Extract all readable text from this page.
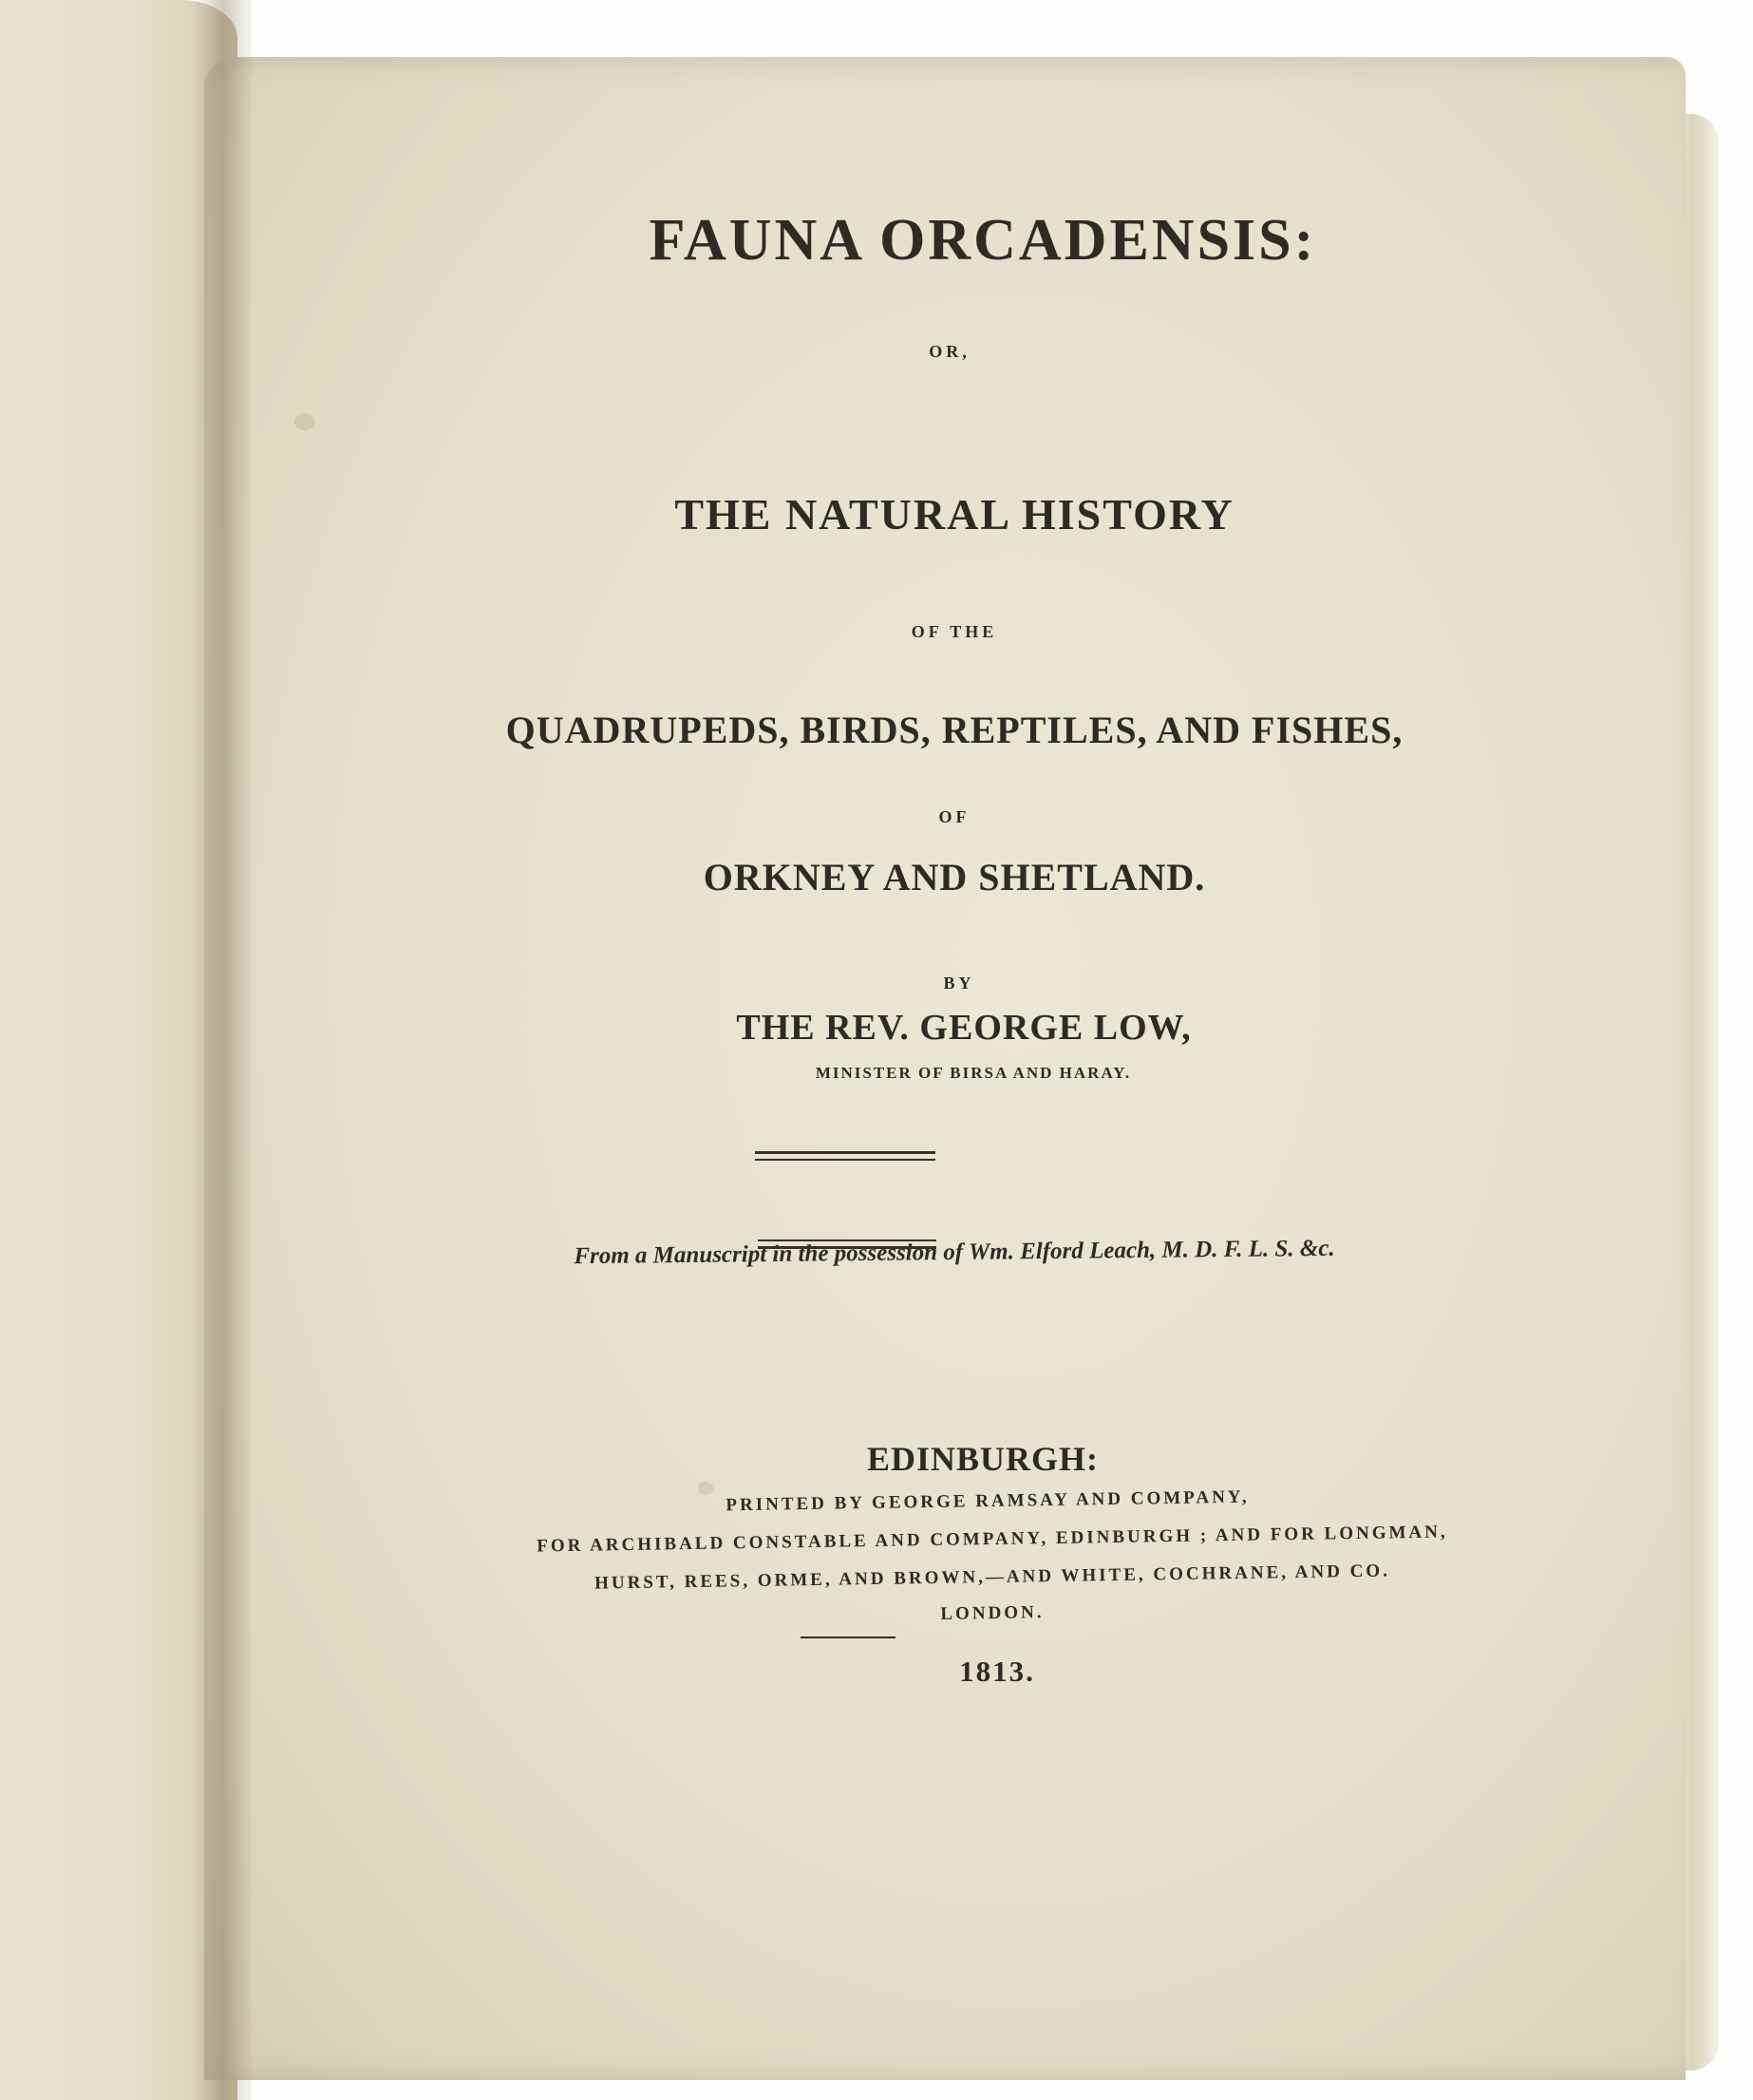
FAUNA ORCADENSIS:

OR,

THE NATURAL HISTORY

OF THE

QUADRUPEDS, BIRDS, REPTILES, AND FISHES,

OF

ORKNEY AND SHETLAND.

BY

THE REV. GEORGE LOW,

MINISTER OF BIRSA AND HARAY.

From a Manuscript in the possession of Wm. Elford Leach, M. D. F. L. S. &c.

EDINBURGH:

PRINTED BY GEORGE RAMSAY AND COMPANY,

FOR ARCHIBALD CONSTABLE AND COMPANY, EDINBURGH ; AND FOR LONGMAN,

HURST, REES, ORME, AND BROWN,—AND WHITE, COCHRANE, AND CO.

LONDON.

1813.
